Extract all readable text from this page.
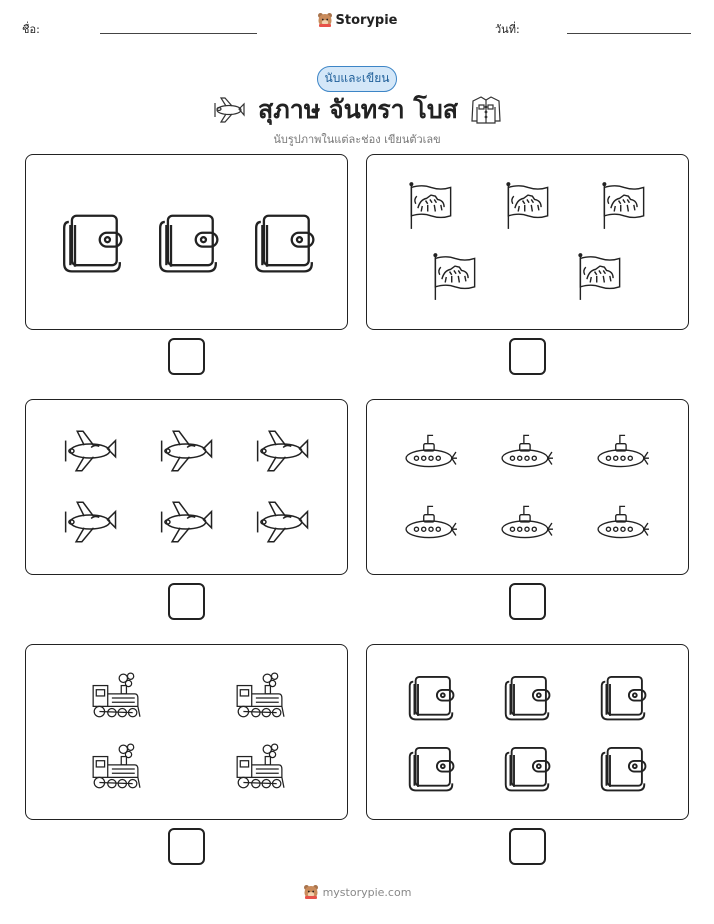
ชื่อ:
Storypie
วันที่:
นับและเขียน
สุภาษ จันทรา โบส
นับรูปภาพในแต่ละช่อง เขียนตัวเลข
mystorypie.com
